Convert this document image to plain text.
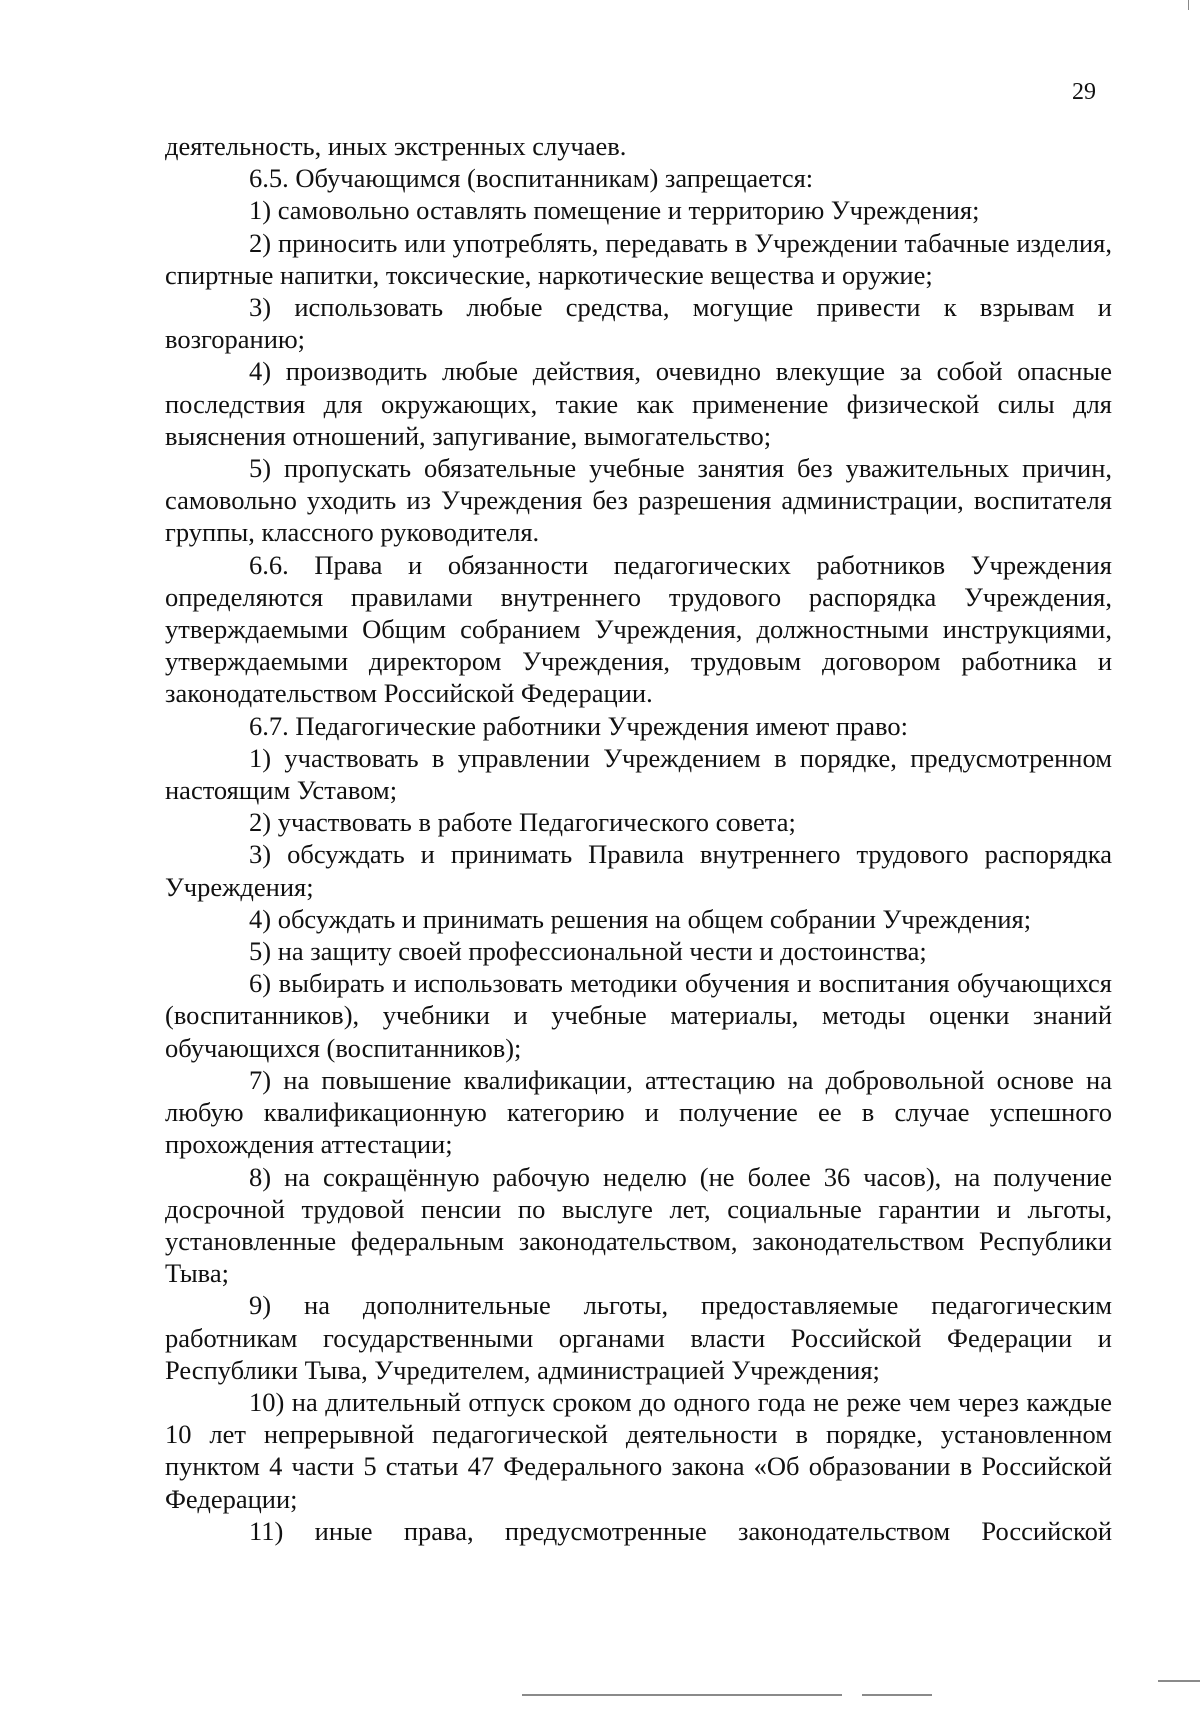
29

деятельность, иных экстренных случаев.

6.5. Обучающимся (воспитанникам) запрещается:

1) самовольно оставлять помещение и территорию Учреждения;

2) приносить или употреблять, передавать в Учреждении табачные изделия, спиртные напитки, токсические, наркотические вещества и оружие;

3) использовать любые средства, могущие привести к взрывам и возгоранию;

4) производить любые действия, очевидно влекущие за собой опасные последствия для окружающих, такие как применение физической силы для выяснения отношений, запугивание, вымогательство;

5) пропускать обязательные учебные занятия без уважительных причин, самовольно уходить из Учреждения без разрешения администрации, воспитателя группы, классного руководителя.

6.6. Права и обязанности педагогических работников Учреждения определяются правилами внутреннего трудового распорядка Учреждения, утверждаемыми Общим собранием Учреждения, должностными инструкциями, утверждаемыми директором Учреждения, трудовым договором работника и законодательством Российской Федерации.

6.7. Педагогические работники Учреждения имеют право:

1) участвовать в управлении Учреждением в порядке, предусмотренном настоящим Уставом;

2) участвовать в работе Педагогического совета;

3) обсуждать и принимать Правила внутреннего трудового распорядка Учреждения;

4) обсуждать и принимать решения на общем собрании Учреждения;

5) на защиту своей профессиональной чести и достоинства;

6) выбирать и использовать методики обучения и воспитания обучающихся (воспитанников), учебники и учебные материалы, методы оценки знаний обучающихся (воспитанников);

7) на повышение квалификации, аттестацию на добровольной основе на любую квалификационную категорию и получение ее в случае успешного прохождения аттестации;

8) на сокращённую рабочую неделю (не более 36 часов), на получение досрочной трудовой пенсии по выслуге лет, социальные гарантии и льготы, установленные федеральным законодательством, законодательством Республики Тыва;

9) на дополнительные льготы, предоставляемые педагогическим работникам государственными органами власти Российской Федерации и Республики Тыва, Учредителем, администрацией Учреждения;

10) на длительный отпуск сроком до одного года не реже чем через каждые 10 лет непрерывной педагогической деятельности в порядке, установленном пунктом 4 части 5 статьи 47 Федерального закона «Об образовании в Российской Федерации;

11) иные права, предусмотренные законодательством Российской
